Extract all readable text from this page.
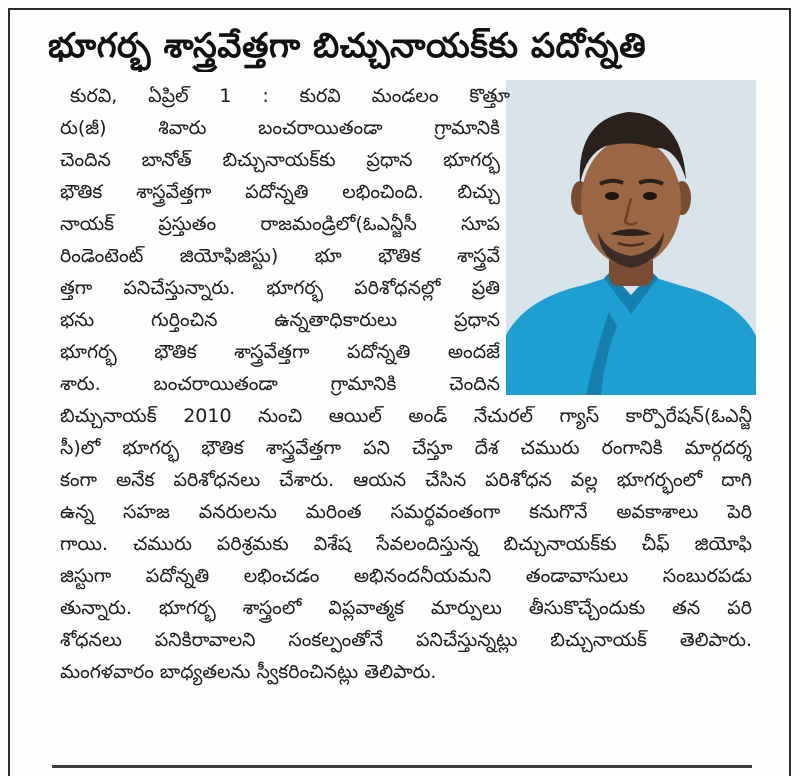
భూగర్భ శాస్త్రవేత్తగా బిచ్చునాయక్‌కు పదోన్నతి
కురవి, ఏప్రిల్ 1 : కురవి మండలం కొత్తూ
రు(జీ) శివారు బంచరాయితండా గ్రామానికి
చెందిన బానోత్ బిచ్చునాయక్‌కు ప్రధాన భూగర్భ
భౌతిక శాస్త్రవేత్తగా పదోన్నతి లభించింది. బిచ్చు
నాయక్ ప్రస్తుతం రాజమండ్రిలో(ఓఎన్జీసీ సూప
రిండెంటెంట్ జియోఫిజిస్టు) భూ భౌతిక శాస్త్రవే
త్తగా పనిచేస్తున్నారు. భూగర్భ పరిశోధనల్లో ప్రతి
భను గుర్తించిన ఉన్నతాధికారులు ప్రధాన
భూగర్భ భౌతిక శాస్త్రవేత్తగా పదోన్నతి అందజే
శారు. బంచరాయితండా గ్రామానికి చెందిన
బిచ్చునాయక్ 2010 నుంచి ఆయిల్ అండ్ నేచురల్ గ్యాస్ కార్పొరేషన్(ఓఎన్జీ
సీ)లో భూగర్భ భౌతిక శాస్త్రవేత్తగా పని చేస్తూ దేశ చమురు రంగానికి మార్గదర్శ
కంగా అనేక పరిశోధనలు చేశారు. ఆయన చేసిన పరిశోధన వల్ల భూగర్భంలో దాగి
ఉన్న సహజ వనరులను మరింత సమర్థవంతంగా కనుగొనే అవకాశాలు పెరి
గాయి. చమురు పరిశ్రమకు విశేష సేవలందిస్తున్న బిచ్చునాయక్‌కు చీఫ్ జియోఫి
జిస్టుగా పదోన్నతి లభించడం అభినందనీయమని తండావాసులు సంబురపడు
తున్నారు. భూగర్భ శాస్త్రంలో విప్లవాత్మక మార్పులు తీసుకొచ్చేందుకు తన పరి
శోధనలు పనికిరావాలని సంకల్పంతోనే పనిచేస్తున్నట్లు బిచ్చునాయక్ తెలిపారు.
మంగళవారం బాధ్యతలను స్వీకరించినట్లు తెలిపారు.
